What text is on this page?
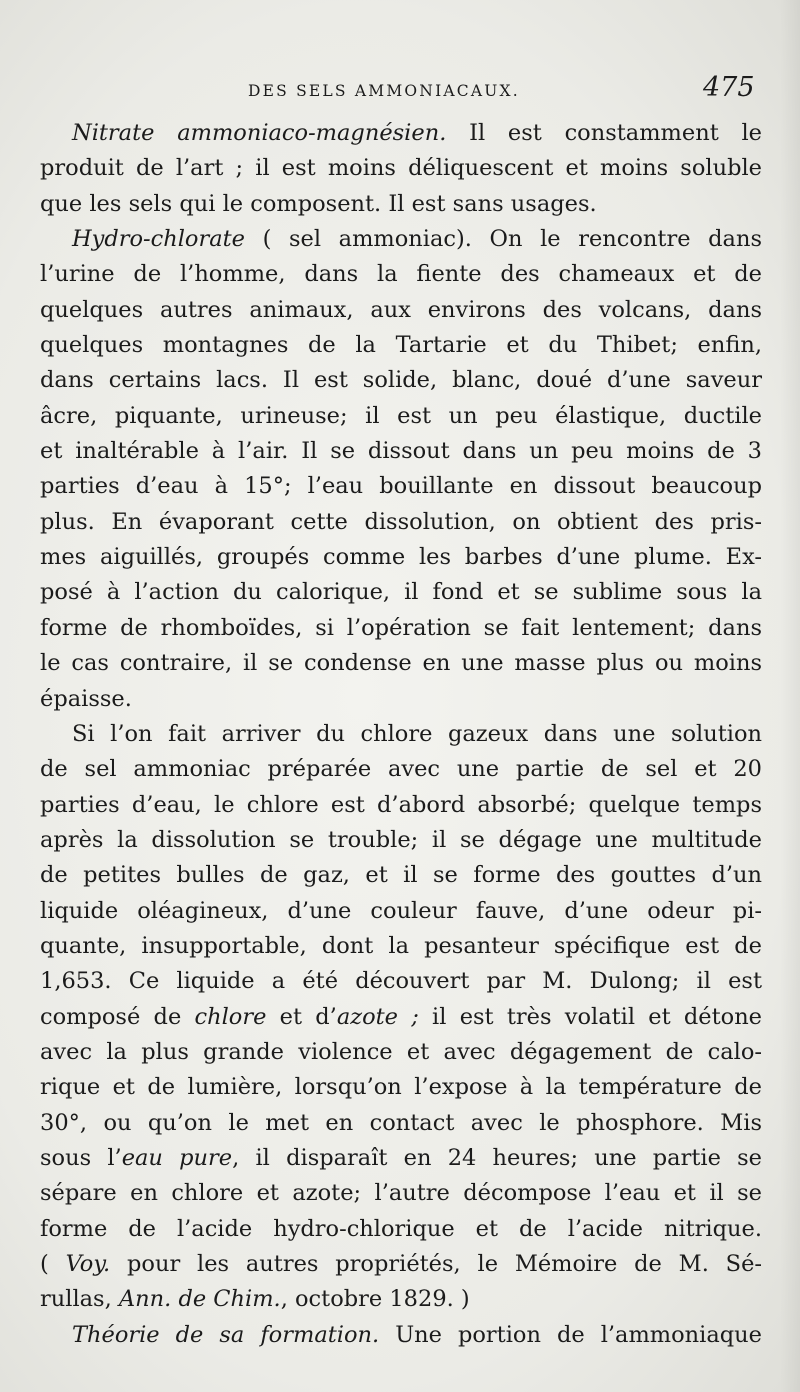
DES SELS AMMONIACAUX.	475
Nitrate ammoniaco-magnésien. Il est constamment le
produit de l’art ; il est moins déliquescent et moins soluble
que les sels qui le composent. Il est sans usages.
Hydro-chlorate ( sel ammoniac). On le rencontre dans
l’urine de l’homme, dans la fiente des chameaux et de
quelques autres animaux, aux environs des volcans, dans
quelques montagnes de la Tartarie et du Thibet; enfin,
dans certains lacs. Il est solide, blanc, doué d’une saveur
âcre, piquante, urineuse; il est un peu élastique, ductile
et inaltérable à l’air. Il se dissout dans un peu moins de 3
parties d’eau à 15°; l’eau bouillante en dissout beaucoup
plus. En évaporant cette dissolution, on obtient des pris-
mes aiguillés, groupés comme les barbes d’une plume. Ex-
posé à l’action du calorique, il fond et se sublime sous la
forme de rhomboïdes, si l’opération se fait lentement; dans
le cas contraire, il se condense en une masse plus ou moins
épaisse.
Si l’on fait arriver du chlore gazeux dans une solution
de sel ammoniac préparée avec une partie de sel et 20
parties d’eau, le chlore est d’abord absorbé; quelque temps
après la dissolution se trouble; il se dégage une multitude
de petites bulles de gaz, et il se forme des gouttes d’un
liquide oléagineux, d’une couleur fauve, d’une odeur pi-
quante, insupportable, dont la pesanteur spécifique est de
1,653. Ce liquide a été découvert par M. Dulong; il est
composé de chlore et d’azote ; il est très volatil et détone
avec la plus grande violence et avec dégagement de calo-
rique et de lumière, lorsqu’on l’expose à la température de
30°, ou qu’on le met en contact avec le phosphore. Mis
sous l’eau pure, il disparaît en 24 heures; une partie se
sépare en chlore et azote; l’autre décompose l’eau et il se
forme de l’acide hydro-chlorique et de l’acide nitrique.
( Voy. pour les autres propriétés, le Mémoire de M. Sé-
rullas, Ann. de Chim., octobre 1829. )
Théorie de sa formation. Une portion de l’ammoniaque
